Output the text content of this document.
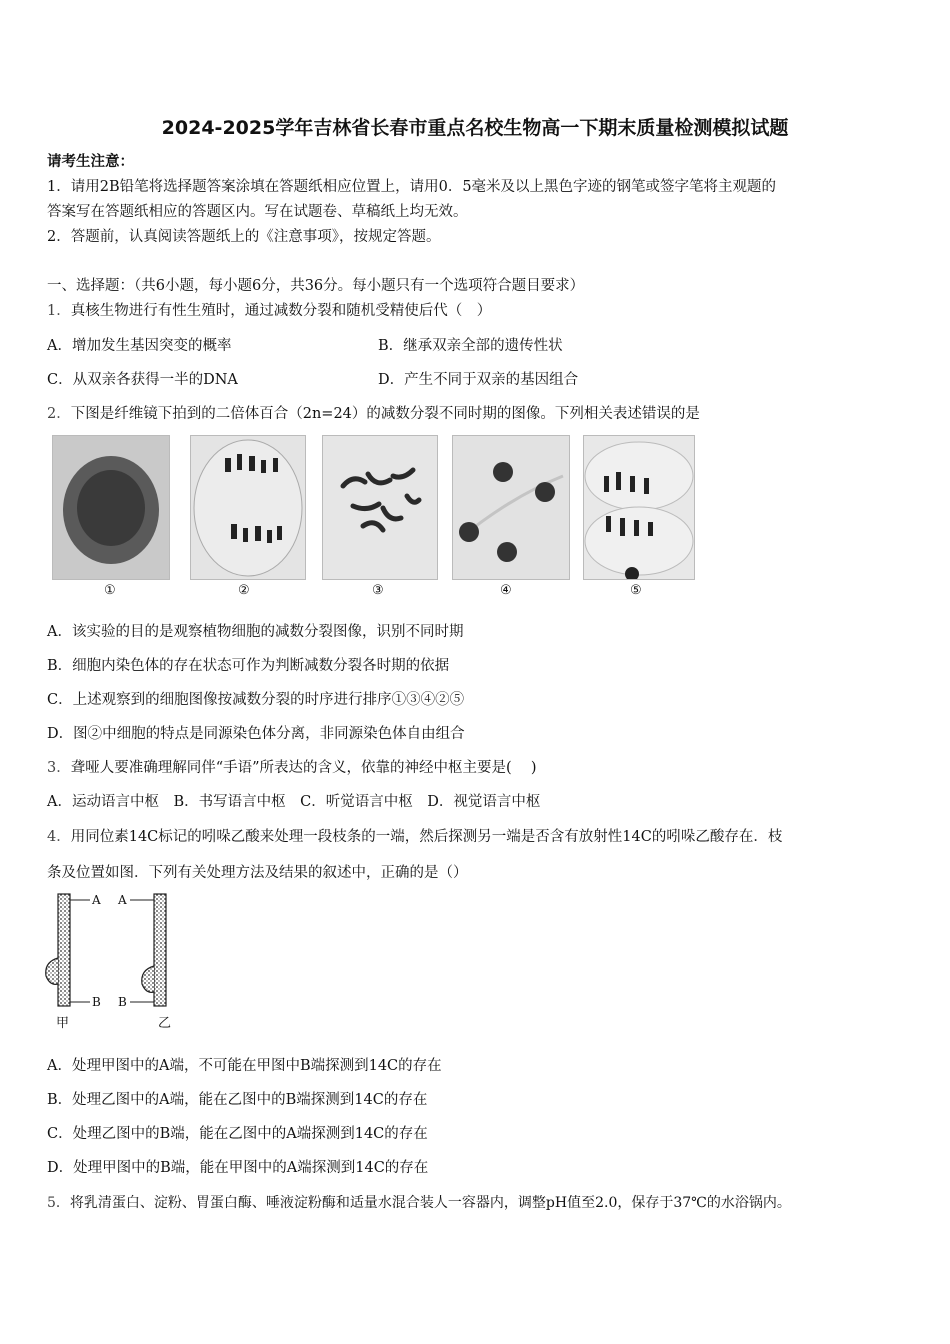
2024-2025学年吉林省长春市重点名校生物高一下期末质量检测模拟试题
请考生注意：
1．请用2B铅笔将选择题答案涂填在答题纸相应位置上，请用0．5毫米及以上黑色字迹的钢笔或签字笔将主观题的
答案写在答题纸相应的答题区内。写在试题卷、草稿纸上均无效。
2．答题前，认真阅读答题纸上的《注意事项》，按规定答题。
一、选择题：（共6小题，每小题6分，共36分。每小题只有一个选项符合题目要求）
1．真核生物进行有性生殖时，通过减数分裂和随机受精使后代（　）
A．增加发生基因突变的概率	B．继承双亲全部的遗传性状
C．从双亲各获得一半的DNA	D．产生不同于双亲的基因组合
2．下图是纤维镜下拍到的二倍体百合（2n=24）的减数分裂不同时期的图像。下列相关表述错误的是
①	②	③	④	⑤
A．该实验的目的是观察植物细胞的减数分裂图像，识别不同时期
B．细胞内染色体的存在状态可作为判断减数分裂各时期的依据
C．上述观察到的细胞图像按减数分裂的时序进行排序①③④②⑤
D．图②中细胞的特点是同源染色体分离，非同源染色体自由组合
3．聋哑人要准确理解同伴“手语”所表达的含义，依靠的神经中枢主要是(　 )
A．运动语言中枢　B．书写语言中枢　C．听觉语言中枢　D．视觉语言中枢
4．用同位素14C标记的吲哚乙酸来处理一段枝条的一端，然后探测另一端是否含有放射性14C的吲哚乙酸存在．枝
条及位置如图．下列有关处理方法及结果的叙述中，正确的是（）
A
B
A
B
甲	乙
A．处理甲图中的A端，不可能在甲图中B端探测到14C的存在
B．处理乙图中的A端，能在乙图中的B端探测到14C的存在
C．处理乙图中的B端，能在乙图中的A端探测到14C的存在
D．处理甲图中的B端，能在甲图中的A端探测到14C的存在
5．将乳清蛋白、淀粉、胃蛋白酶、唾液淀粉酶和适量水混合装人一容器内，调整pH值至2.0，保存于37℃的水浴锅内。
